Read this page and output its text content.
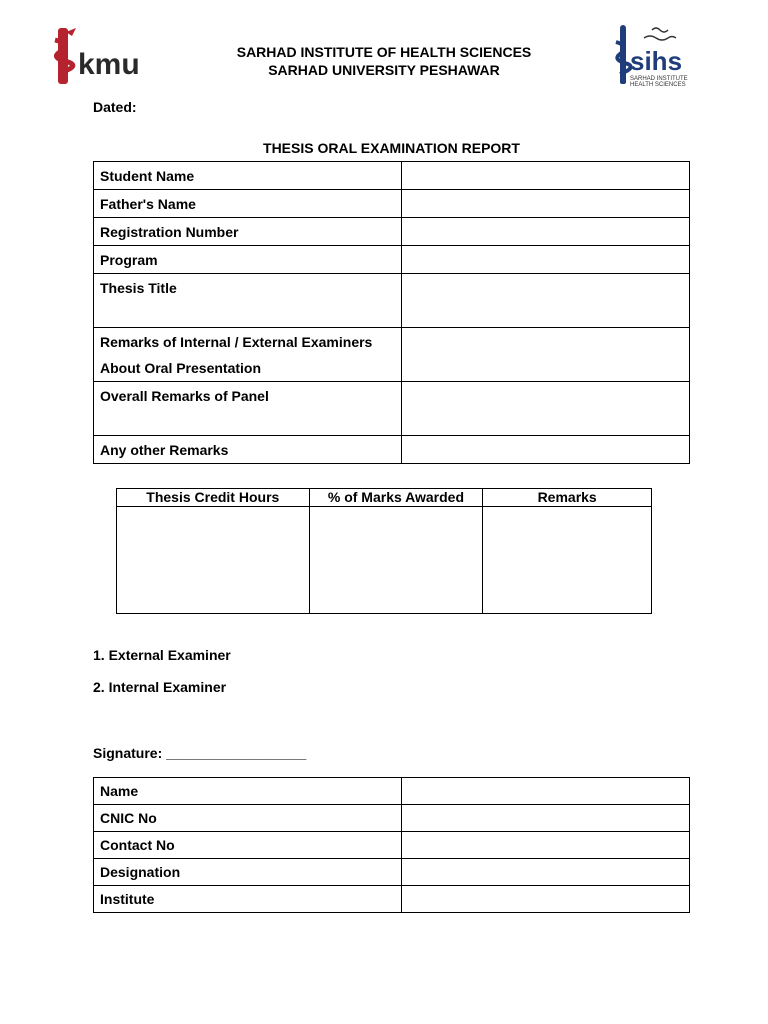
kmu	SARHAD INSTITUTE OF HEALTH SCIENCES
SARHAD UNIVERSITY PESHAWAR	sihs
SARHAD INSTITUTE
HEALTH SCIENCES
Dated:
THESIS ORAL EXAMINATION REPORT
Student Name	
Father's Name	
Registration Number	
Program	
Thesis Title	

Remarks of Internal / External Examiners
About Oral Presentation	

Overall Remarks of Panel	
Any other Remarks	
Thesis Credit Hours	% of Marks Awarded	Remarks

1. External Examiner
2. Internal Examiner
Signature: __________________
Name	
CNIC No	
Contact No	
Designation	
Institute	
